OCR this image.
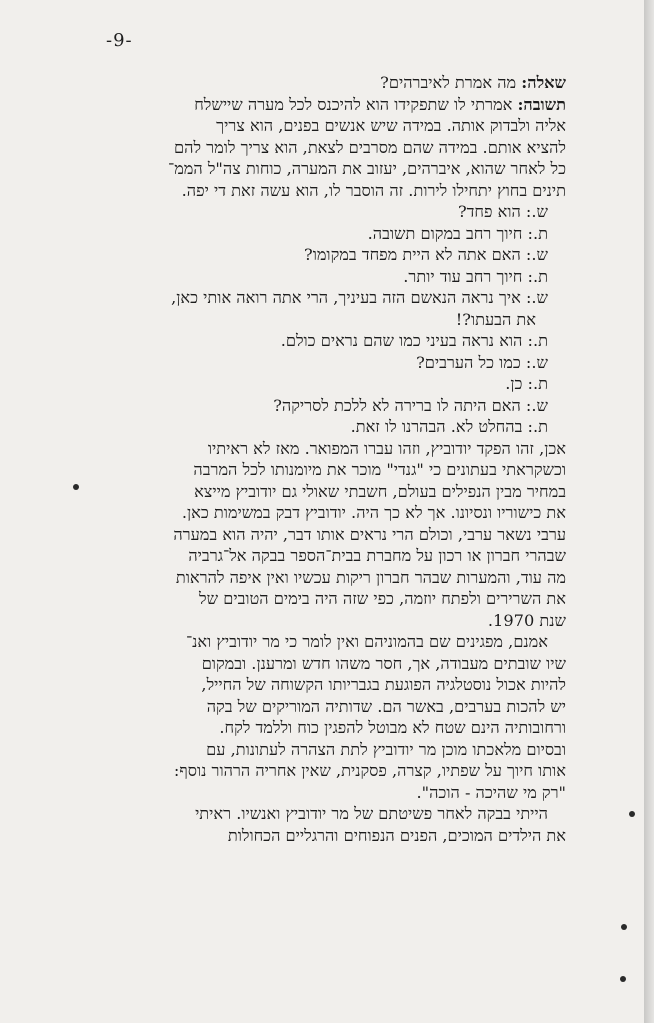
-9-

שאלה: מה אמרת לאיברהים?

תשובה: אמרתי לו שתפקידו הוא להיכנס לכל מערה שיישלח

אליה ולבדוק אותה. במידה שיש אנשים בפנים, הוא צריך

להציא אותם. במידה שהם מסרבים לצאת, הוא צריך לומר להם

כל לאחר שהוא, איברהים, יעזוב את המערה, כוחות צה"ל הממ־

תינים בחוץ יתחילו לירות. זה הוסבר לו, הוא עשה זאת די יפה.

ש.: הוא פחד?

ת.: חיוך רחב במקום תשובה.

ש.: האם אתה לא היית מפחד במקומו?

ת.: חיוך רחב עוד יותר.

ש.: איך נראה הנאשם הזה בעיניך, הרי אתה רואה אותי כאן,

את הבעתו?!

ת.: הוא נראה בעיני כמו שהם נראים כולם.

ש.: כמו כל הערבים?

ת.: כן.

ש.: האם היתה לו ברירה לא ללכת לסריקה?

ת.: בהחלט לא. הבהרנו לו זאת.

אכן, זהו הפקד יודוביץ, וזהו עברו המפואר. מאז לא ראיתיו

וכשקראתי בעתונים כי "גנדי" מוכר את מיומנותו לכל המרבה

במחיר מבין הנפילים בעולם, חשבתי שאולי גם יודוביץ מייצא

את כישוריו ונסיונו. אך לא כך היה. יודוביץ דבק במשימות כאן.

ערבי נשאר ערבי, וכולם הרי נראים אותו דבר, יהיה הוא במערה

שבהרי חברון או רכון על מחברת בבית־הספר בבקה אל־גרביה

מה עוד, והמערות שבהר חברון ריקות עכשיו ואין איפה להראות

את השרירים ולפתח יוזמה, כפי שזה היה בימים הטובים של

שנת 1970.

אמנם, מפגינים שם בהמוניהם ואין לומר כי מר יודוביץ ואנ־

שיו שובתים מעבודה, אך, חסר משהו חדש ומרענן. ובמקום

להיות אכול נוסטלגיה הפוגעת בגבריותו הקשוחה של החייל,

יש להכות בערבים, באשר הם. שדותיה המוריקים של בקה

ורחובותיה הינם שטח לא מבוטל להפגין כוח וללמד לקח.

ובסיום מלאכתו מוכן מר יודוביץ לתת הצהרה לעתונות, עם

אותו חיוך על שפתיו, קצרה, פסקנית, שאין אחריה הרהור נוסף:

"רק מי שהיכה - הוכה".

הייתי בבקה לאחר פשיטתם של מר יודוביץ ואנשיו. ראיתי

את הילדים המוכים, הפנים הנפוחים והרגליים הכחולות
